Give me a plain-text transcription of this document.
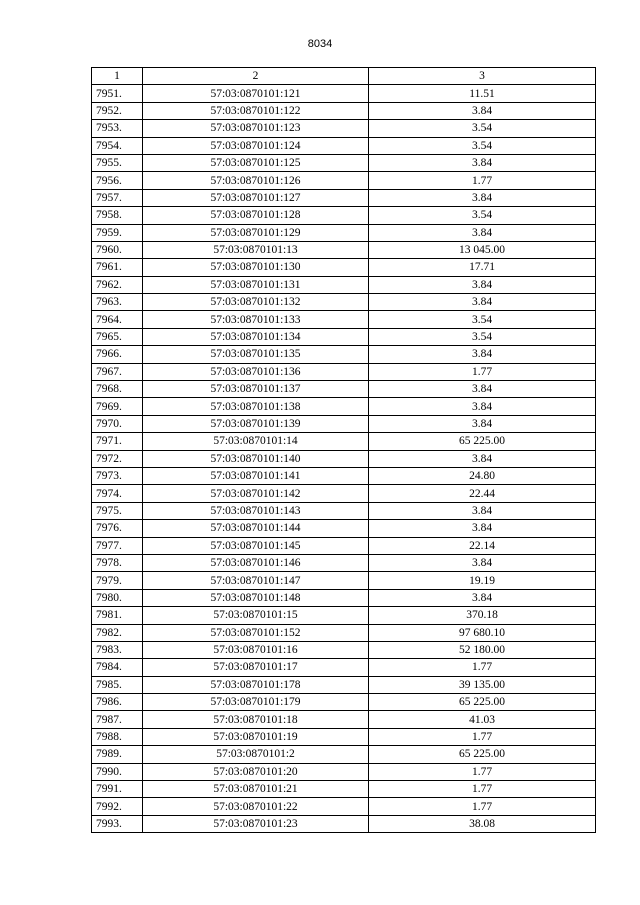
8034
1	2	3
7951.	57:03:0870101:121	11.51
7952.	57:03:0870101:122	3.84
7953.	57:03:0870101:123	3.54
7954.	57:03:0870101:124	3.54
7955.	57:03:0870101:125	3.84
7956.	57:03:0870101:126	1.77
7957.	57:03:0870101:127	3.84
7958.	57:03:0870101:128	3.54
7959.	57:03:0870101:129	3.84
7960.	57:03:0870101:13	13 045.00
7961.	57:03:0870101:130	17.71
7962.	57:03:0870101:131	3.84
7963.	57:03:0870101:132	3.84
7964.	57:03:0870101:133	3.54
7965.	57:03:0870101:134	3.54
7966.	57:03:0870101:135	3.84
7967.	57:03:0870101:136	1.77
7968.	57:03:0870101:137	3.84
7969.	57:03:0870101:138	3.84
7970.	57:03:0870101:139	3.84
7971.	57:03:0870101:14	65 225.00
7972.	57:03:0870101:140	3.84
7973.	57:03:0870101:141	24.80
7974.	57:03:0870101:142	22.44
7975.	57:03:0870101:143	3.84
7976.	57:03:0870101:144	3.84
7977.	57:03:0870101:145	22.14
7978.	57:03:0870101:146	3.84
7979.	57:03:0870101:147	19.19
7980.	57:03:0870101:148	3.84
7981.	57:03:0870101:15	370.18
7982.	57:03:0870101:152	97 680.10
7983.	57:03:0870101:16	52 180.00
7984.	57:03:0870101:17	1.77
7985.	57:03:0870101:178	39 135.00
7986.	57:03:0870101:179	65 225.00
7987.	57:03:0870101:18	41.03
7988.	57:03:0870101:19	1.77
7989.	57:03:0870101:2	65 225.00
7990.	57:03:0870101:20	1.77
7991.	57:03:0870101:21	1.77
7992.	57:03:0870101:22	1.77
7993.	57:03:0870101:23	38.08
